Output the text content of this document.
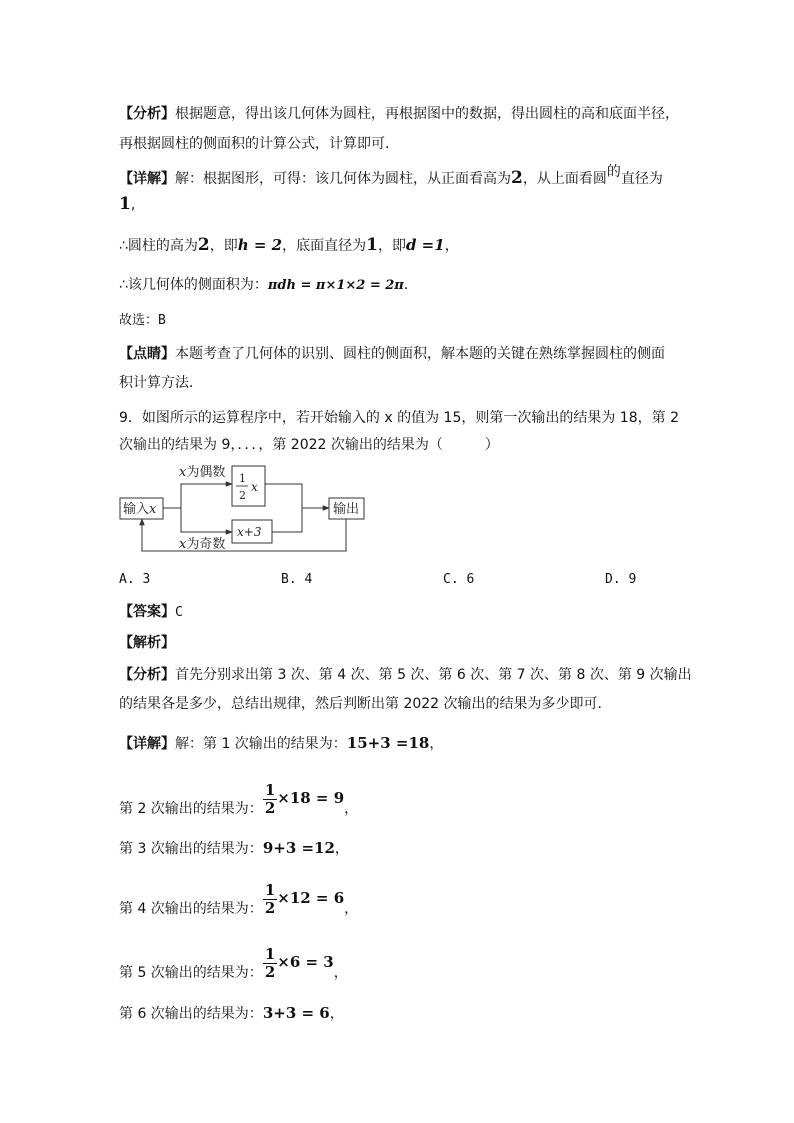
【分析】根据题意，得出该几何体为圆柱，再根据图中的数据，得出圆柱的高和底面半径，
再根据圆柱的侧面积的计算公式，计算即可．
【详解】解：根据图形，可得：该几何体为圆柱，从正面看高为2，从上面看圆的直径为
1,
∴圆柱的高为2，即h = 2，底面直径为1，即d =1，
∴该几何体的侧面积为：πdh = π×1×2 = 2π．
故选：B
【点睛】本题考查了几何体的识别、圆柱的侧面积，解本题的关键在熟练掌握圆柱的侧面
积计算方法．
9．如图所示的运算程序中，若开始输入的 x 的值为 15，则第一次输出的结果为 18，第 2
次输出的结果为 9，．．．，第 2022 次输出的结果为（　　　）
输入x
x为偶数
x为奇数
1
2
x
x+3
输出
A. 3	B. 4	C. 6	D. 9
【答案】C
【解析】
【分析】首先分别求出第 3 次、第 4 次、第 5 次、第 6 次、第 7 次、第 8 次、第 9 次输出
的结果各是多少，总结出规律，然后判断出第 2022 次输出的结果为多少即可．
【详解】解：第 1 次输出的结果为：15+3 =18，
第 2 次输出的结果为： $\frac{1}{2} \times 18 = 9$，
第 3 次输出的结果为：9+3 =12，
第 4 次输出的结果为： $\frac{1}{2} \times 12 = 6$，
第 5 次输出的结果为： $\frac{1}{2} \times 6 = 3$，
第 6 次输出的结果为：3+3 = 6，
